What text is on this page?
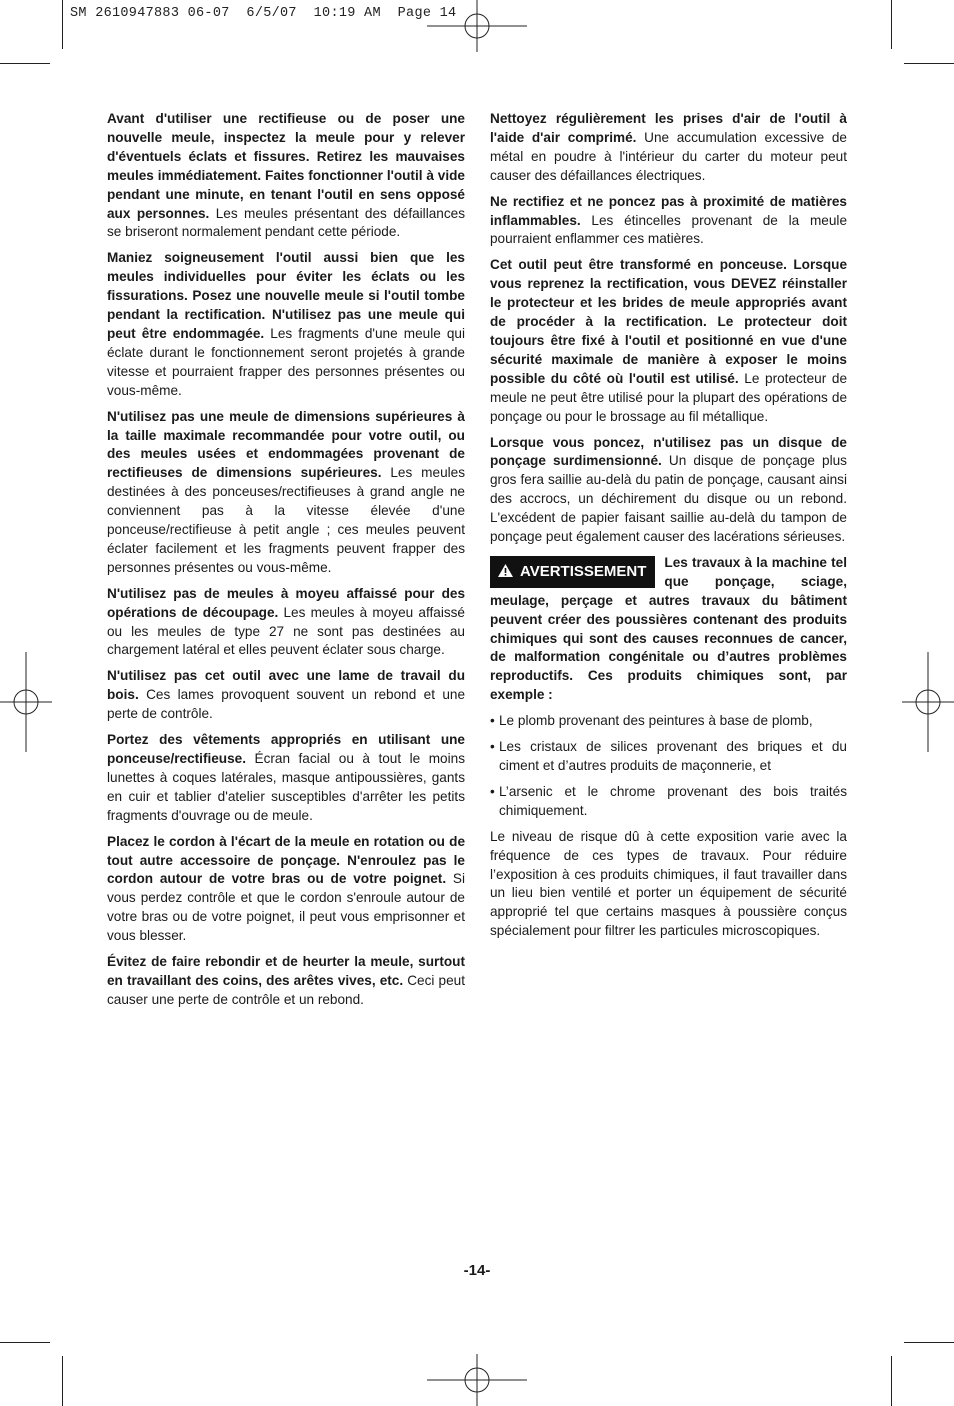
SM 2610947883 06-07  6/5/07  10:19 AM  Page 14

Avant d'utiliser une rectifieuse ou de poser une nouvelle meule, inspectez la meule pour y relever d'éventuels éclats et fissures. Retirez les mauvaises meules immédiatement. Faites fonctionner l'outil à vide pendant une minute, en tenant l'outil en sens opposé aux personnes. Les meules présentant des défaillances se briseront normalement pendant cette période.

Maniez soigneusement l'outil aussi bien que les meules individuelles pour éviter les éclats ou les fissurations. Posez une nouvelle meule si l'outil tombe pendant la rectification. N'utilisez pas une meule qui peut être endommagée. Les fragments d'une meule qui éclate durant le fonctionnement seront projetés à grande vitesse et pourraient frapper des personnes présentes ou vous-même.

N'utilisez pas une meule de dimensions supérieures à la taille maximale recommandée pour votre outil, ou des meules usées et endommagées provenant de rectifieuses de dimensions supérieures. Les meules destinées à des ponceuses/rectifieuses à grand angle ne conviennent pas à la vitesse élevée d'une ponceuse/rectifieuse à petit angle ; ces meules peuvent éclater facilement et les fragments peuvent frapper des personnes présentes ou vous-même.

N'utilisez pas de meules à moyeu affaissé pour des opérations de découpage. Les meules à moyeu affaissé ou les meules de type 27 ne sont pas destinées au chargement latéral et elles peuvent éclater sous charge.

N'utilisez pas cet outil avec une lame de travail du bois. Ces lames provoquent souvent un rebond et une perte de contrôle.

Portez des vêtements appropriés en utilisant une ponceuse/rectifieuse. Écran facial ou à tout le moins lunettes à coques latérales, masque antipoussières, gants en cuir et tablier d'atelier susceptibles d'arrêter les petits fragments d'ouvrage ou de meule.

Placez le cordon à l'écart de la meule en rotation ou de tout autre accessoire de ponçage. N'enroulez pas le cordon autour de votre bras ou de votre poignet. Si vous perdez contrôle et que le cordon s'enroule autour de votre bras ou de votre poignet, il peut vous emprisonner et vous blesser.

Évitez de faire rebondir et de heurter la meule, surtout en travaillant des coins, des arêtes vives, etc. Ceci peut causer une perte de contrôle et un rebond.

Nettoyez régulièrement les prises d'air de l'outil à l'aide d'air comprimé. Une accumulation excessive de métal en poudre à l'intérieur du carter du moteur peut causer des défaillances électriques.

Ne rectifiez et ne poncez pas à proximité de matières inflammables. Les étincelles provenant de la meule pourraient enflammer ces matières.

Cet outil peut être transformé en ponceuse. Lorsque vous reprenez la rectification, vous DEVEZ réinstaller le protecteur et les brides de meule appropriés avant de procéder à la rectification. Le protecteur doit toujours être fixé à l'outil et positionné en vue d'une sécurité maximale de manière à exposer le moins possible du côté où l'outil est utilisé. Le protecteur de meule ne peut être utilisé pour la plupart des opérations de ponçage ou pour le brossage au fil métallique.

Lorsque vous poncez, n'utilisez pas un disque de ponçage surdimensionné. Un disque de ponçage plus gros fera saillie au-delà du patin de ponçage, causant ainsi des accrocs, un déchirement du disque ou un rebond. L'excédent de papier faisant saillie au-delà du tampon de ponçage peut également causer des lacérations sérieuses.

AVERTISSEMENT
Les travaux à la machine tel que ponçage, sciage, meulage, perçage et autres travaux du bâtiment peuvent créer des poussières contenant des produits chimiques qui sont des causes reconnues de cancer, de malformation congénitale ou d’autres problèmes reproductifs. Ces produits chimiques sont, par exemple :
• Le plomb provenant des peintures à base de plomb,
• Les cristaux de silices provenant des briques et du ciment et d’autres produits de maçonnerie, et
• L’arsenic et le chrome provenant des bois traités chimiquement.

Le niveau de risque dû à cette exposition varie avec la fréquence de ces types de travaux. Pour réduire l’exposition à ces produits chimiques, il faut travailler dans un lieu bien ventilé et porter un équipement de sécurité approprié tel que certains masques à poussière conçus spécialement pour filtrer les particules microscopiques.

-14-
